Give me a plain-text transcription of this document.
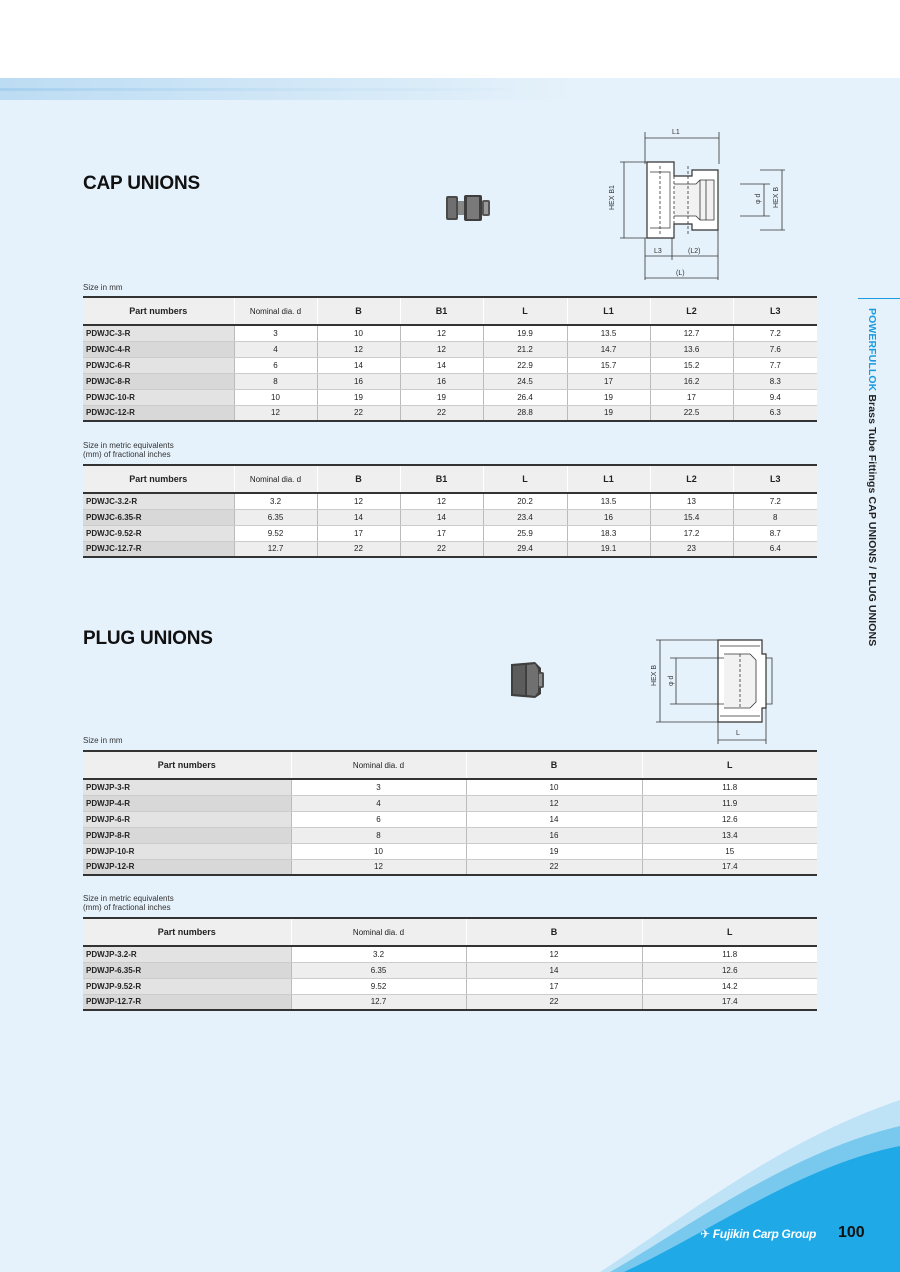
POWERFULLOK Brass Tube Fittings CAP UNIONS / PLUG UNIONS
CAP UNIONS
L1
L3	(L2)
(L)
HEX B1	φ d HEX B
Size in mm
Part numbers	Nominal dia. d	B	B1	L	L1	L2	L3
PDWJC-3-R	3	10	12	19.9	13.5	12.7	7.2
PDWJC-4-R	4	12	12	21.2	14.7	13.6	7.6
PDWJC-6-R	6	14	14	22.9	15.7	15.2	7.7
PDWJC-8-R	8	16	16	24.5	17	16.2	8.3
PDWJC-10-R	10	19	19	26.4	19	17	9.4
PDWJC-12-R	12	22	22	28.8	19	22.5	6.3
Size in metric equivalents
(mm) of fractional inches
Part numbers	Nominal dia. d	B	B1	L	L1	L2	L3
PDWJC-3.2-R	3.2	12	12	20.2	13.5	13	7.2
PDWJC-6.35-R	6.35	14	14	23.4	16	15.4	8
PDWJC-9.52-R	9.52	17	17	25.9	18.3	17.2	8.7
PDWJC-12.7-R	12.7	22	22	29.4	19.1	23	6.4
PLUG UNIONS
HEX B φ d
L
Size in mm
Part numbers	Nominal dia. d	B	L
PDWJP-3-R	3	10	11.8
PDWJP-4-R	4	12	11.9
PDWJP-6-R	6	14	12.6
PDWJP-8-R	8	16	13.4
PDWJP-10-R	10	19	15
PDWJP-12-R	12	22	17.4
Size in metric equivalents
(mm) of fractional inches
Part numbers	Nominal dia. d	B	L
PDWJP-3.2-R	3.2	12	11.8
PDWJP-6.35-R	6.35	14	12.6
PDWJP-9.52-R	9.52	17	14.2
PDWJP-12.7-R	12.7	22	17.4
✈ Fujikin Carp Group 100
